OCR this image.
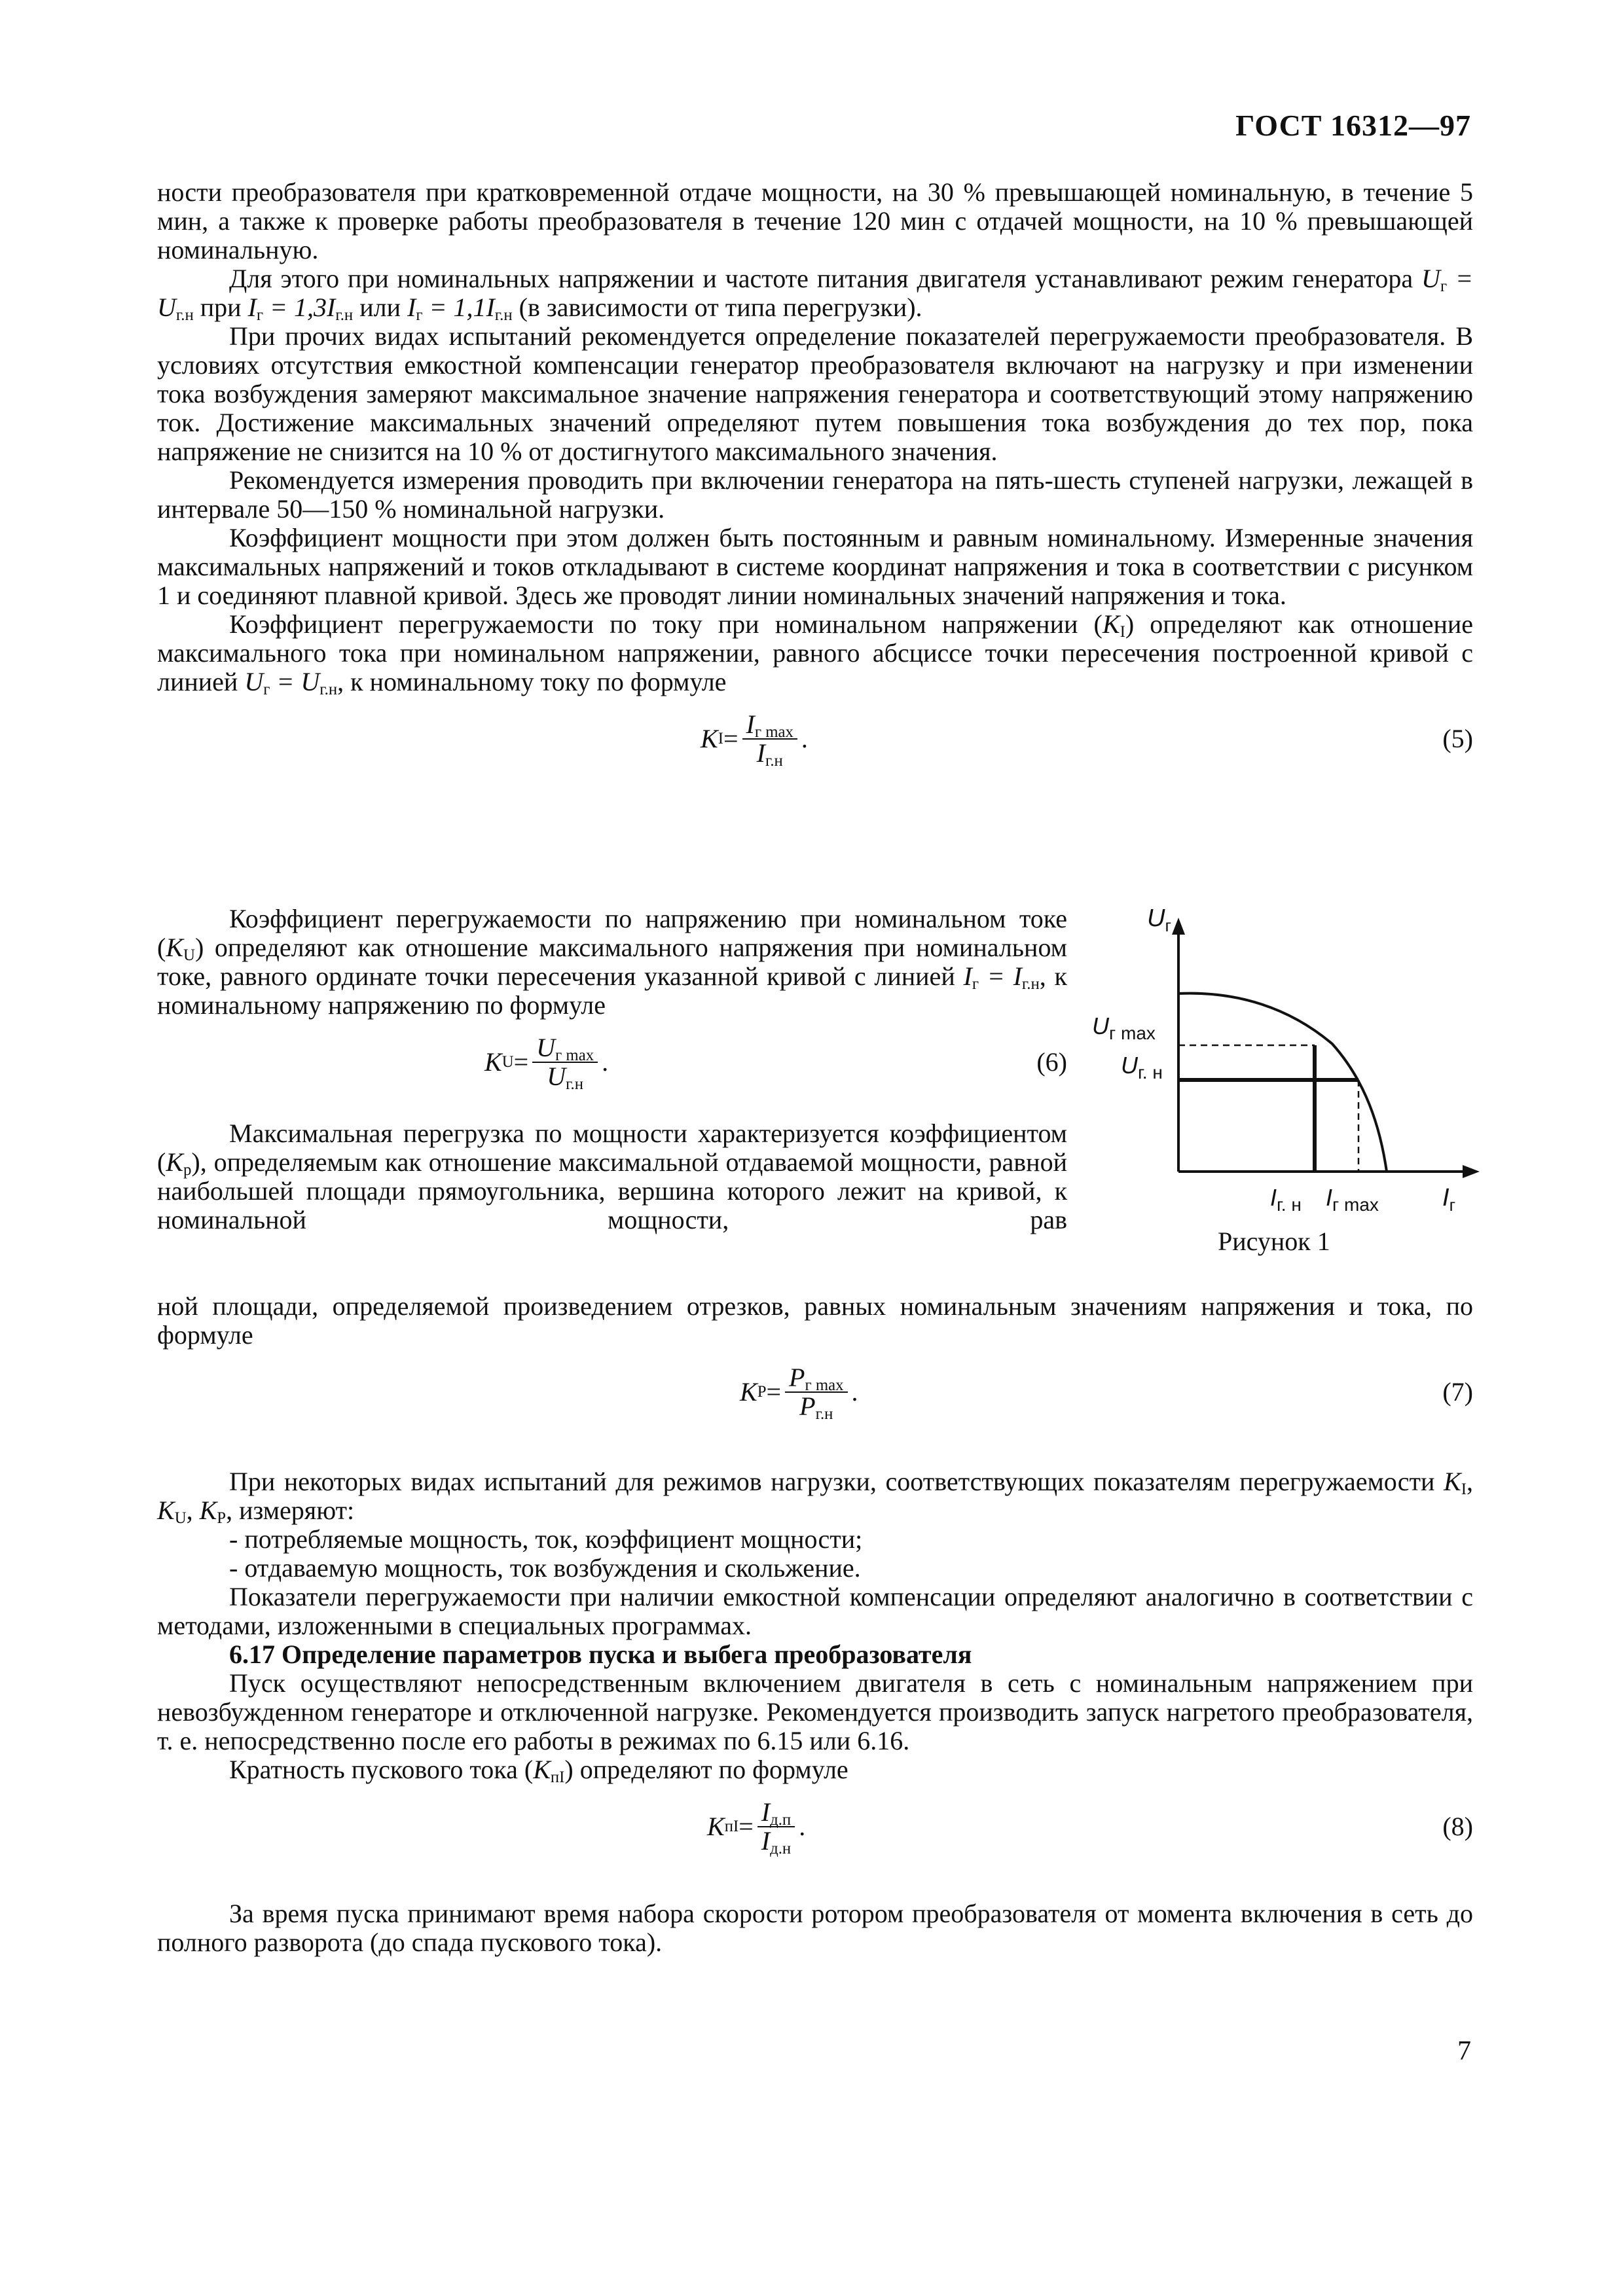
ГОСТ 16312—97

ности преобразователя при кратковременной отдаче мощности, на 30 % превышающей номинальную, в течение 5 мин, а также к проверке работы преобразователя в течение 120 мин с отдачей мощности, на 10 % превышающей номинальную.

Для этого при номинальных напряжении и частоте питания двигателя устанавливают режим генератора $U_г = U_{г.н}$ при $I_г = 1,3I_{г.н}$ или $I_г = 1,1I_{г.н}$ (в зависимости от типа перегрузки).

При прочих видах испытаний рекомендуется определение показателей перегружаемости преобразователя. В условиях отсутствия емкостной компенсации генератор преобразователя включают на нагрузку и при изменении тока возбуждения замеряют максимальное значение напряжения генератора и соответствующий этому напряжению ток. Достижение максимальных значений определяют путем повышения тока возбуждения до тех пор, пока напряжение не снизится на 10 % от достигнутого максимального значения.

Рекомендуется измерения проводить при включении генератора на пять-шесть ступеней нагрузки, лежащей в интервале 50—150 % номинальной нагрузки.

Коэффициент мощности при этом должен быть постоянным и равным номинальному. Измеренные значения максимальных напряжений и токов откладывают в системе координат напряжения и тока в соответствии с рисунком 1 и соединяют плавной кривой. Здесь же проводят линии номинальных значений напряжения и тока.

Коэффициент перегружаемости по току при номинальном напряжении $(K_I)$ определяют как отношение максимального тока при номинальном напряжении, равного абсциссе точки пересечения построенной кривой с линией $U_г = U_{г.н}$, к номинальному току по формуле

K $I = \frac{I_{г max}}{I_{г.н}}$ .	(5)

Коэффициент перегружаемости по напряжению при номинальном токе $(K_U)$ определяют как отношение максимального напряжения при номинальном токе, равного ординате точки пересечения указанной кривой с линией $I_г = I_{г.н}$, к номинальному напряжению по формуле

K $U = \frac{U_{г max}}{U_{г.н}}$ .	(6)

Максимальная перегрузка по мощности характеризуется коэффициентом $(K_p)$, определяемым как отношение максимальной отдаваемой мощности, равной наибольшей площади прямоугольника, вершина которого лежит на кривой, к номинальной мощности, рав

$U_г$
$U_{г max}$
$U_{г. н}$
$I_{г. н}$ $I_{г max}$	$I_г$
Рисунок 1

ной площади, определяемой произведением отрезков, равных номинальным значениям напряжения и тока, по формуле

K $P = \frac{P_{г max}}{P_{г.н}}$ .	(7)

При некоторых видах испытаний для режимов нагрузки, соответствующих показателям перегружаемости $K_I$, $K_U$, $K_P$, измеряют:

- потребляемые мощность, ток, коэффициент мощности;

- отдаваемую мощность, ток возбуждения и скольжение.

Показатели перегружаемости при наличии емкостной компенсации определяют аналогично в соответствии с методами, изложенными в специальных программах.

6.17 Определение параметров пуска и выбега преобразователя

Пуск осуществляют непосредственным включением двигателя в сеть с номинальным напряжением при невозбужденном генераторе и отключенной нагрузке. Рекомендуется производить запуск нагретого преобразователя, т. е. непосредственно после его работы в режимах по 6.15 или 6.16.

Кратность пускового тока $(K_{пI})$ определяют по формуле

K пI = $\frac{I_{д.п}}{I_{д.н}}$ .	(8)

За время пуска принимают время набора скорости ротором преобразователя от момента включения в сеть до полного разворота (до спада пускового тока).

7
